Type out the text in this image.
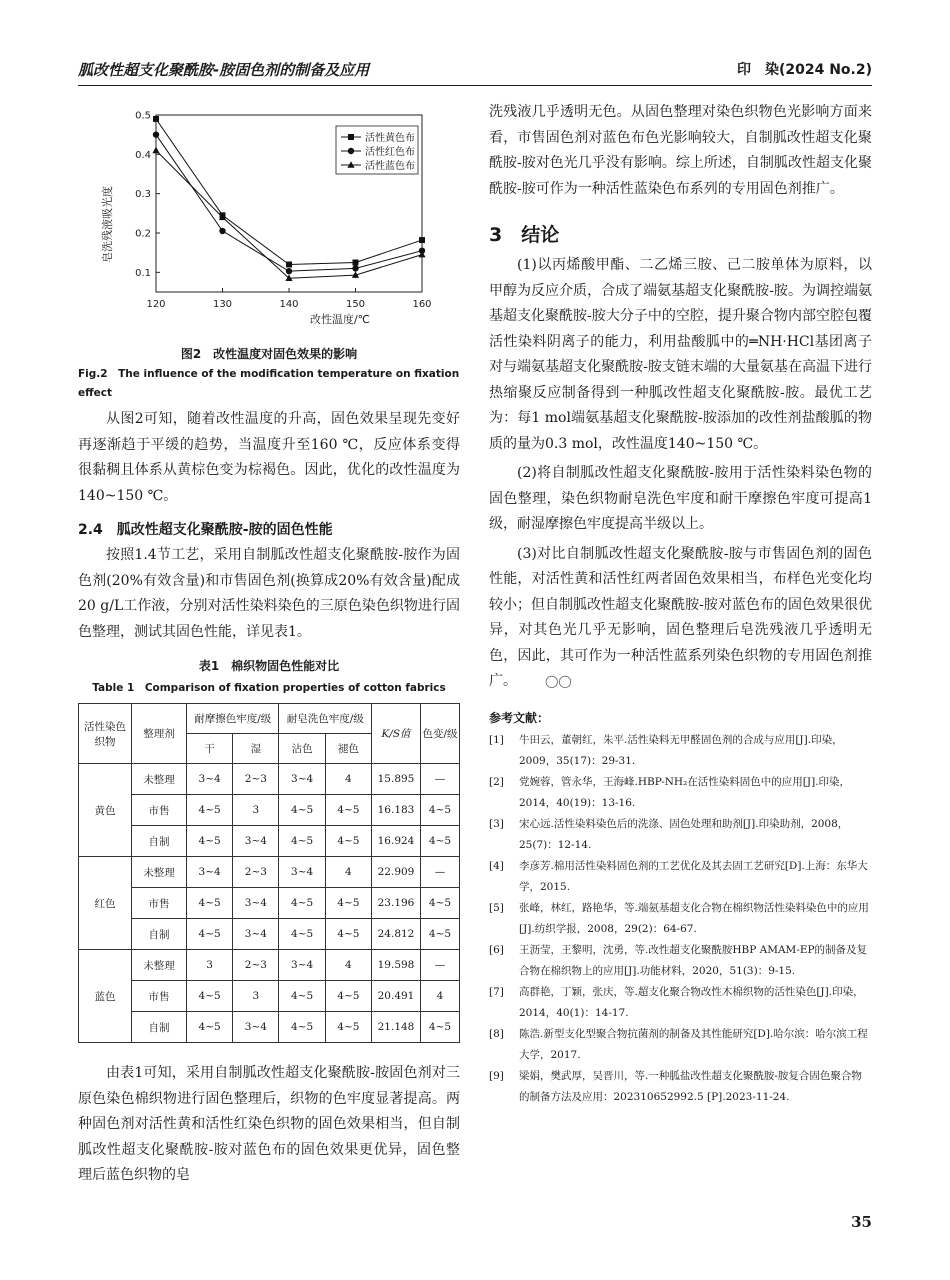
胍改性超支化聚酰胺-胺固色剂的制备及应用	印　染(2024 No.2)
120	130	140	150	160
0.1
0.2
0.3
0.4
0.5
皂洗残液吸光度
改性温度/℃
活性黄色布
活性红色布
活性蓝色布
图2　改性温度对固色效果的影响
Fig.2　The influence of the modification temperature on fixation effect

从图2可知，随着改性温度的升高，固色效果呈现先变好再逐渐趋于平缓的趋势，当温度升至160 ℃，反应体系变得很黏稠且体系从黄棕色变为棕褐色。因此，优化的改性温度为140~150 ℃。

2.4　胍改性超支化聚酰胺-胺的固色性能

按照1.4节工艺，采用自制胍改性超支化聚酰胺-胺作为固色剂(20%有效含量)和市售固色剂(换算成20%有效含量)配成20 g/L工作液，分别对活性染料染色的三原色染色织物进行固色整理，测试其固色性能，详见表1。

表1　棉织物固色性能对比
Table 1　Comparison of fixation properties of cotton fabrics
活性染色织物	整理剂	耐摩擦色牢度/级		耐皂洗色牢度/级		K/S值	色变/级
		干	湿	沾色	褪色		
黄色	未整理	3~4	2~3	3~4	4	15.895	—
	市售	4~5	3	4~5	4~5	16.183	4~5
	自制	4~5	3~4	4~5	4~5	16.924	4~5
红色	未整理	3~4	2~3	3~4	4	22.909	—
	市售	4~5	3~4	4~5	4~5	23.196	4~5
	自制	4~5	3~4	4~5	4~5	24.812	4~5
蓝色	未整理	3	2~3	3~4	4	19.598	—
	市售	4~5	3	4~5	4~5	20.491	4
	自制	4~5	3~4	4~5	4~5	21.148	4~5

由表1可知，采用自制胍改性超支化聚酰胺-胺固色剂对三原色染色棉织物进行固色整理后，织物的色牢度显著提高。两种固色剂对活性黄和活性红染色织物的固色效果相当，但自制胍改性超支化聚酰胺-胺对蓝色布的固色效果更优异，固色整理后蓝色织物的皂

洗残液几乎透明无色。从固色整理对染色织物色光影响方面来看，市售固色剂对蓝色布色光影响较大，自制胍改性超支化聚酰胺-胺对色光几乎没有影响。综上所述，自制胍改性超支化聚酰胺-胺可作为一种活性蓝染色布系列的专用固色剂推广。

3　结论

(1)以丙烯酸甲酯、二乙烯三胺、己二胺单体为原料，以甲醇为反应介质，合成了端氨基超支化聚酰胺-胺。为调控端氨基超支化聚酰胺-胺大分子中的空腔，提升聚合物内部空腔包覆活性染料阴离子的能力，利用盐酸胍中的═NH·HCl基团离子对与端氨基超支化聚酰胺-胺支链末端的大量氨基在高温下进行热缩聚反应制备得到一种胍改性超支化聚酰胺-胺。最优工艺为：每1 mol端氨基超支化聚酰胺-胺添加的改性剂盐酸胍的物质的量为0.3 mol，改性温度140~150 ℃。

(2)将自制胍改性超支化聚酰胺-胺用于活性染料染色物的固色整理，染色织物耐皂洗色牢度和耐干摩擦色牢度可提高1级，耐湿摩擦色牢度提高半级以上。

(3)对比自制胍改性超支化聚酰胺-胺与市售固色剂的固色性能，对活性黄和活性红两者固色效果相当，布样色光变化均较小；但自制胍改性超支化聚酰胺-胺对蓝色布的固色效果很优异，对其色光几乎无影响，固色整理后皂洗残液几乎透明无色，因此，其可作为一种活性蓝系列染色织物的专用固色剂推广。 ◯◯

参考文献：

[1] 牛田云，董朝红，朱平.活性染料无甲醛固色剂的合成与应用[J].印染，2009，35(17)：29-31.

[2] 党婉蓉，管永华，王海峰.HBP-NH₂在活性染料固色中的应用[J].印染，2014，40(19)：13-16.

[3] 宋心远.活性染料染色后的洗涤、固色处理和助剂[J].印染助剂，2008，25(7)：12-14.

[4] 李彦芳.棉用活性染料固色剂的工艺优化及其去固工艺研究[D].上海：东华大学，2015.

[5] 张峰，林红，路艳华，等.端氨基超支化合物在棉织物活性染料染色中的应用[J].纺织学报，2008，29(2)：64-67.

[6] 王沥莹，王黎明，沈勇，等.改性超支化聚酰胺HBP AMAM-EP的制备及复合物在棉织物上的应用[J].功能材料，2020，51(3)：9-15.

[7] 高群艳，丁颖，张庆，等.超支化聚合物改性木棉织物的活性染色[J].印染，2014，40(1)：14-17.

[8] 陈浩.新型支化型聚合物抗菌剂的制备及其性能研究[D].哈尔滨：哈尔滨工程大学，2017.

[9] 梁娟，樊武厚，吴晋川，等.一种胍盐改性超支化聚酰胺-胺复合固色聚合物的制备方法及应用：202310652992.5 [P].2023-11-24.

35
